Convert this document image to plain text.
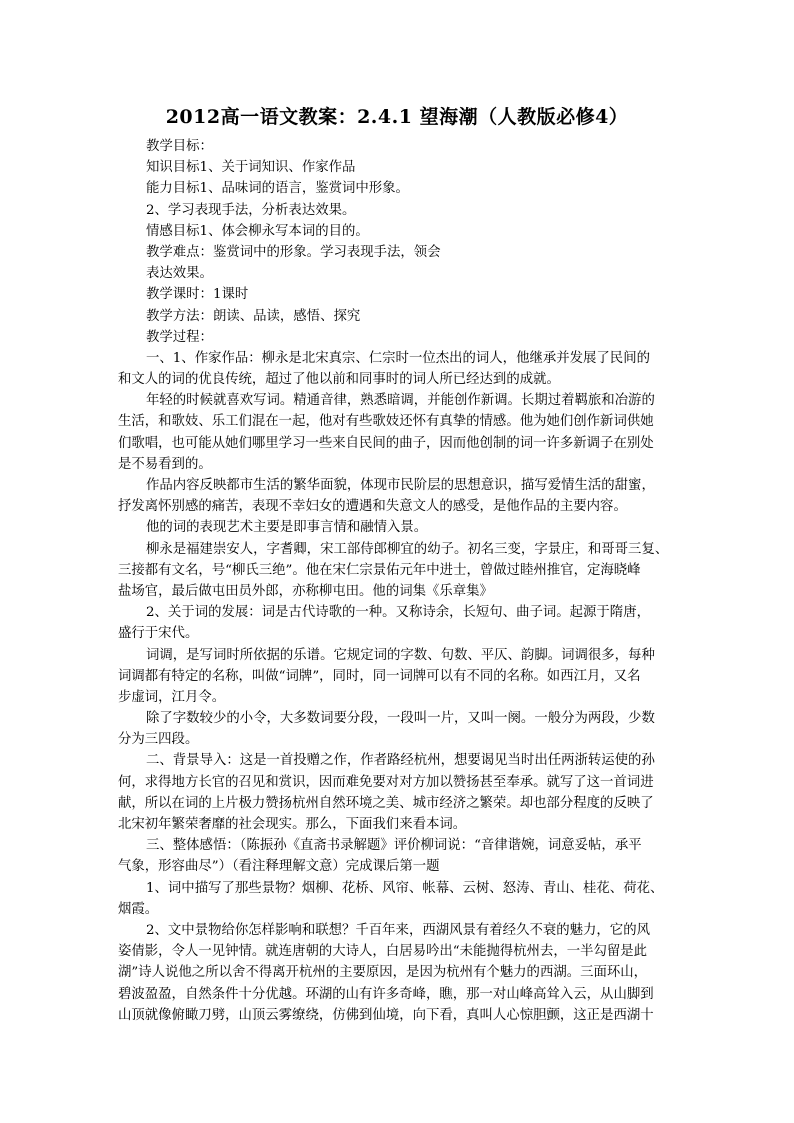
2012高一语文教案：2.4.1 望海潮（人教版必修4）
教学目标：
知识目标1、关于词知识、作家作品
能力目标1、品味词的语言，鉴赏词中形象。
2、学习表现手法，分析表达效果。
情感目标1、体会柳永写本词的目的。
教学难点：鉴赏词中的形象。学习表现手法，领会
表达效果。
教学课时：1课时
教学方法：朗读、品读，感悟、探究
教学过程：
一、1、作家作品：柳永是北宋真宗、仁宗时一位杰出的词人，他继承并发展了民间的
和文人的词的优良传统，超过了他以前和同事时的词人所已经达到的成就。
年轻的时候就喜欢写词。精通音律，熟悉暗调，并能创作新调。长期过着羁旅和冶游的
生活，和歌妓、乐工们混在一起，他对有些歌妓还怀有真挚的情感。他为她们创作新词供她
们歌唱，也可能从她们哪里学习一些来自民间的曲子，因而他创制的词一许多新调子在别处
是不易看到的。
作品内容反映都市生活的繁华面貌，体现市民阶层的思想意识，描写爱情生活的甜蜜，
抒发离怀别感的痛苦，表现不幸妇女的遭遇和失意文人的感受，是他作品的主要内容。
他的词的表现艺术主要是即事言情和融情入景。
柳永是福建崇安人，字耆卿，宋工部侍郎柳宜的幼子。初名三变，字景庄，和哥哥三复、
三接都有文名，号“柳氏三绝”。他在宋仁宗景佑元年中进士，曾做过睦州推官，定海晓峰
盐场官，最后做屯田员外郎，亦称柳屯田。他的词集《乐章集》
2、关于词的发展：词是古代诗歌的一种。又称诗余，长短句、曲子词。起源于隋唐，
盛行于宋代。
词调，是写词时所依据的乐谱。它规定词的字数、句数、平仄、韵脚。词调很多，每种
词调都有特定的名称，叫做“词牌”，同时，同一词牌可以有不同的名称。如西江月，又名
步虚词，江月令。
除了字数较少的小令，大多数词要分段，一段叫一片，又叫一阕。一般分为两段，少数
分为三四段。
二、背景导入：这是一首投赠之作，作者路经杭州，想要谒见当时出任两浙转运使的孙
何，求得地方长官的召见和赏识，因而难免要对对方加以赞扬甚至奉承。就写了这一首词进
献，所以在词的上片极力赞扬杭州自然环境之美、城市经济之繁荣。却也部分程度的反映了
北宋初年繁荣奢靡的社会现实。那么，下面我们来看本词。
三、整体感悟：（陈振孙《直斋书录解题》评价柳词说：“音律谐婉，词意妥帖，承平
气象，形容曲尽”）（看注释理解文意）完成课后第一题
1、词中描写了那些景物？烟柳、花桥、风帘、帐幕、云树、怒涛、青山、桂花、荷花、
烟霞。
2、文中景物给你怎样影响和联想？千百年来，西湖风景有着经久不衰的魅力，它的风
姿倩影，令人一见钟情。就连唐朝的大诗人，白居易吟出“未能抛得杭州去，一半勾留是此
湖”诗人说他之所以舍不得离开杭州的主要原因，是因为杭州有个魅力的西湖。三面环山，
碧波盈盈，自然条件十分优越。环湖的山有许多奇峰，瞧，那一对山峰高耸入云，从山脚到
山顶就像俯瞰刀劈，山顶云雾缭绕，仿佛到仙境，向下看，真叫人心惊胆颤，这正是西湖十
